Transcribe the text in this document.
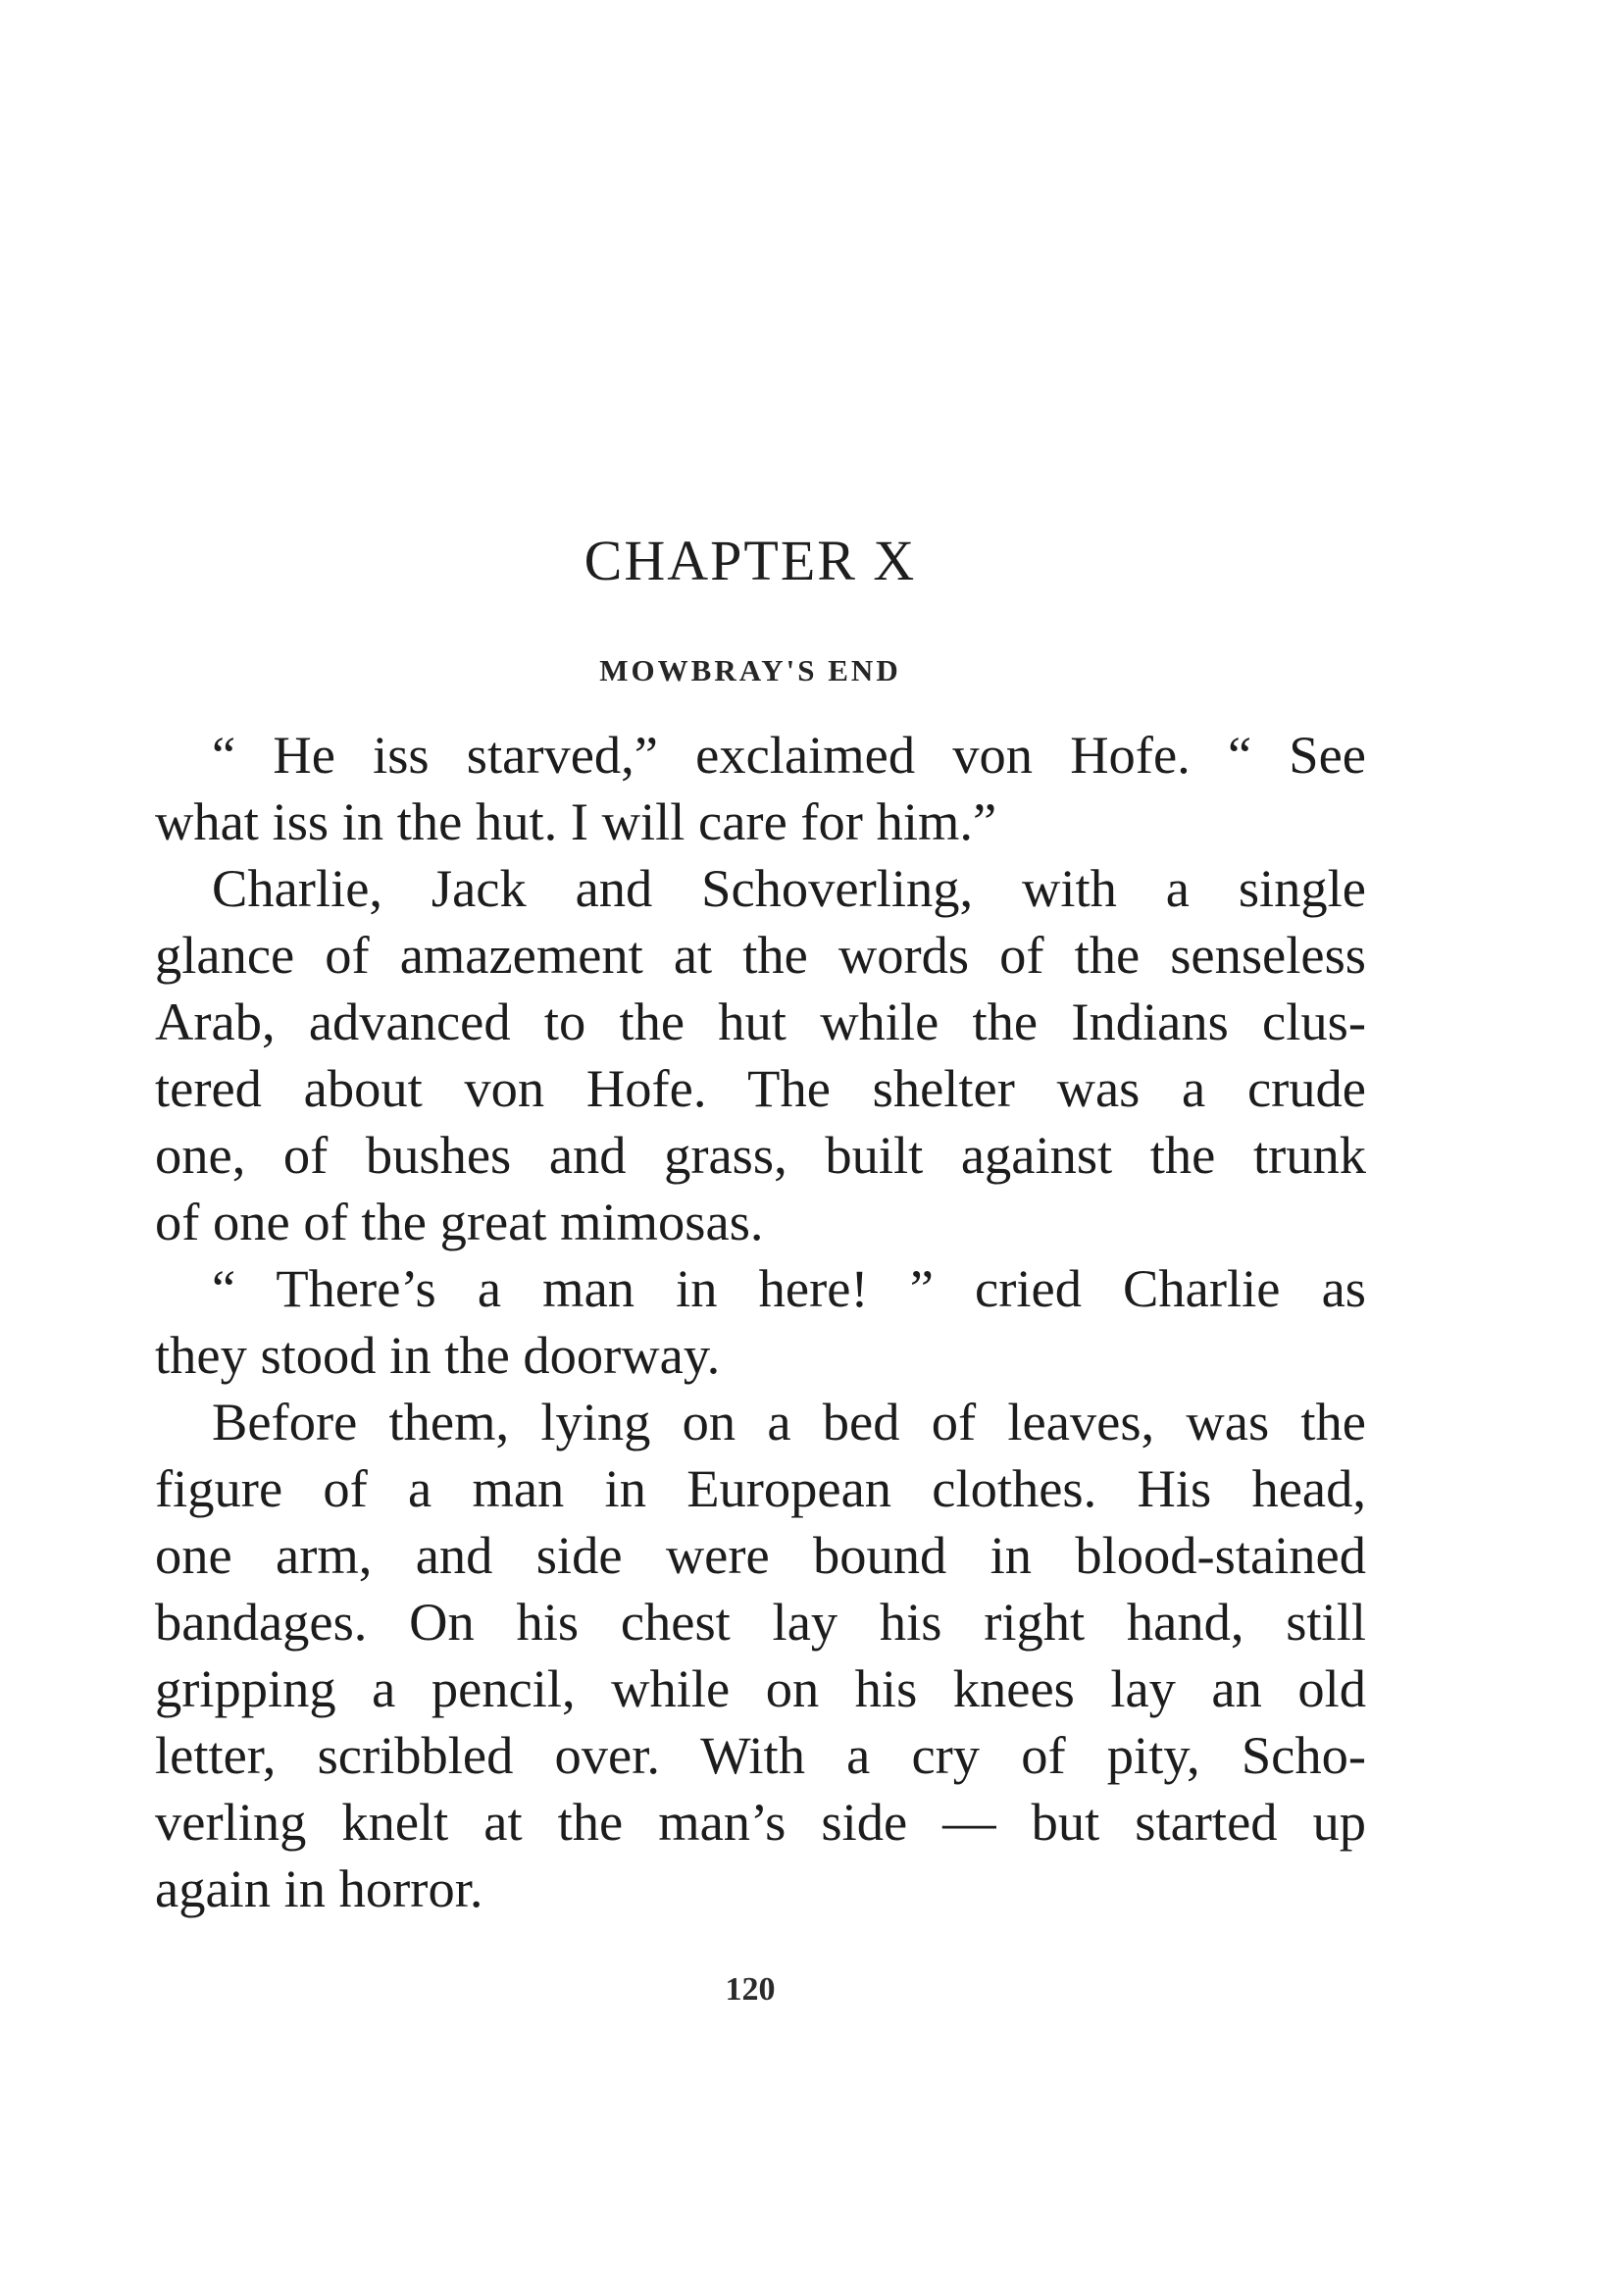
CHAPTER X
MOWBRAY'S END
“ He iss starved,” exclaimed von Hofe. “ See
what iss in the hut. I will care for him.”
Charlie, Jack and Schoverling, with a single
glance of amazement at the words of the senseless
Arab, advanced to the hut while the Indians clus-
tered about von Hofe. The shelter was a crude
one, of bushes and grass, built against the trunk
of one of the great mimosas.
“ There’s a man in here! ” cried Charlie as
they stood in the doorway.
Before them, lying on a bed of leaves, was the
figure of a man in European clothes. His head,
one arm, and side were bound in blood-stained
bandages. On his chest lay his right hand, still
gripping a pencil, while on his knees lay an old
letter, scribbled over. With a cry of pity, Scho-
verling knelt at the man’s side — but started up
again in horror.
120
